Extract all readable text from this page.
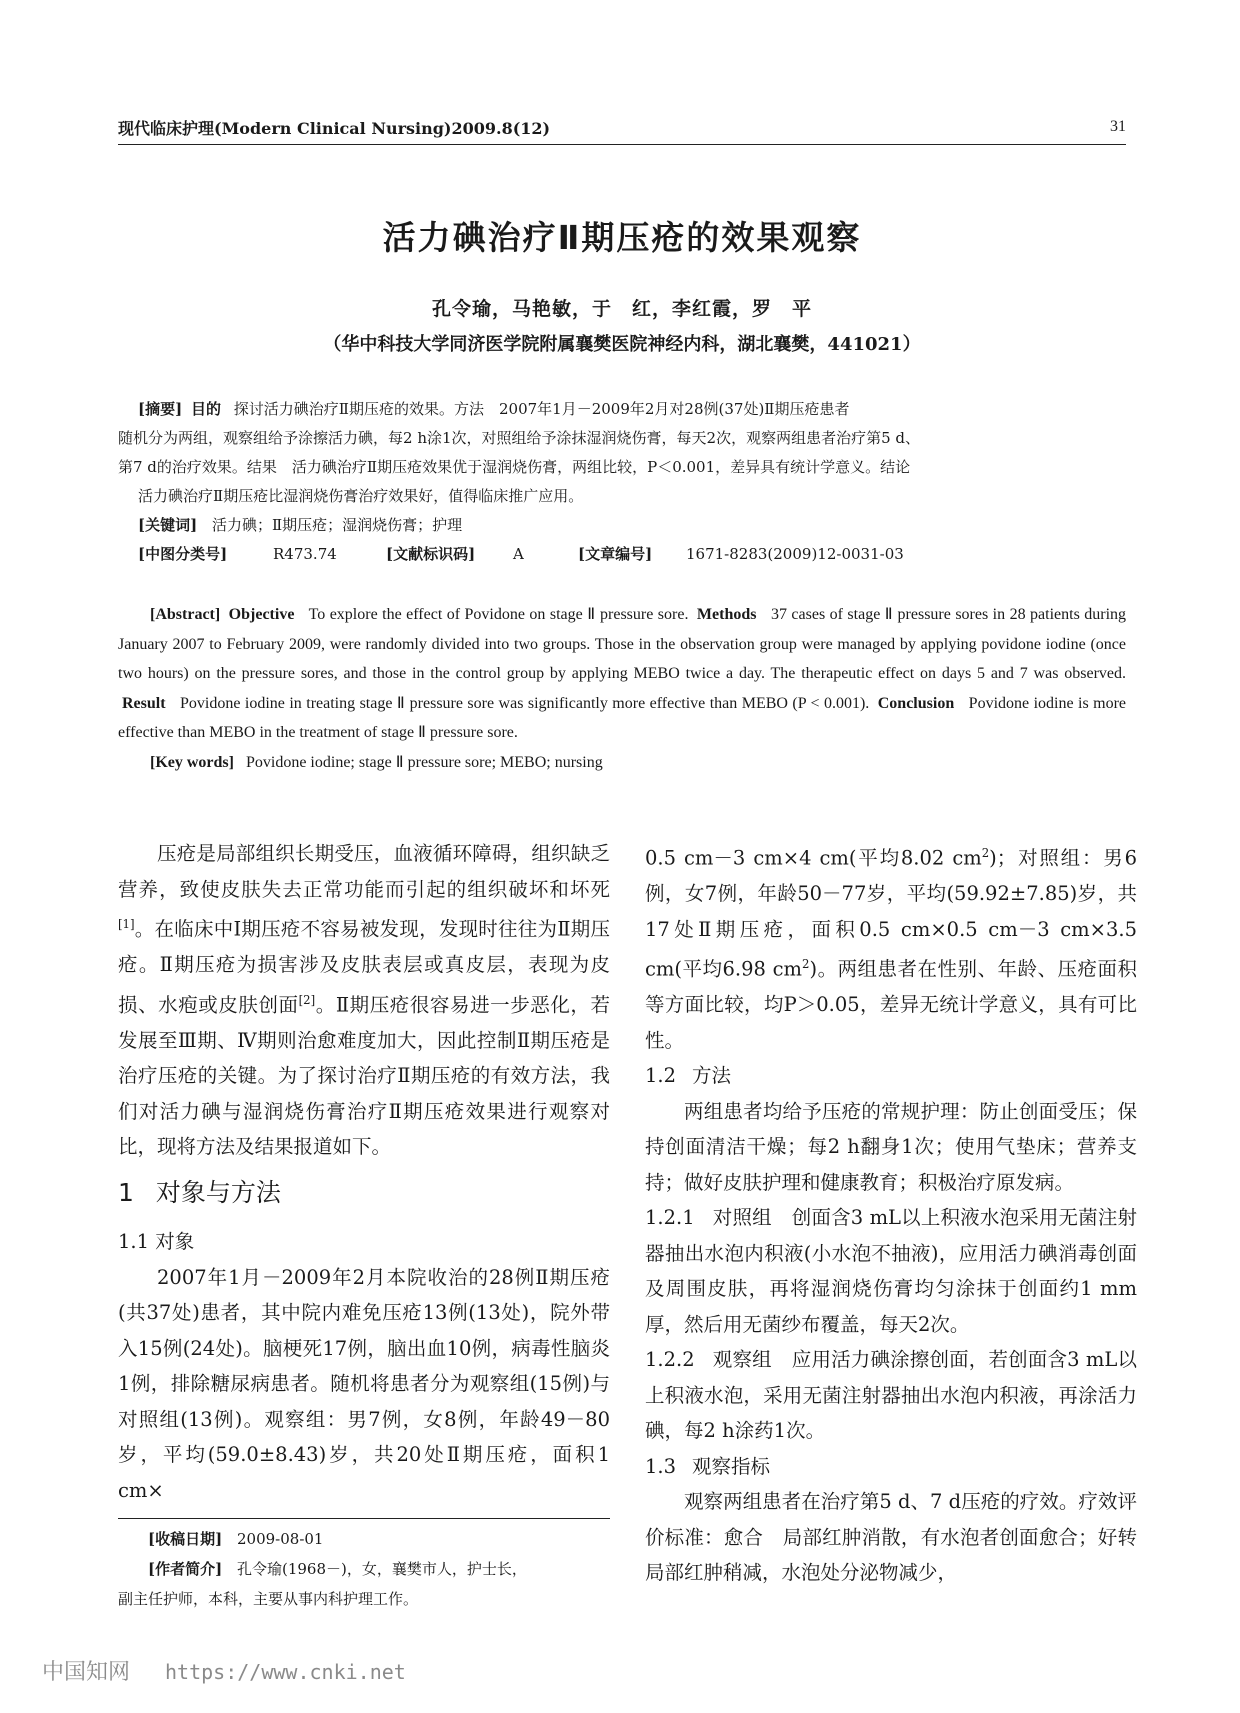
现代临床护理(Modern Clinical Nursing)2009.8(12)	31
活力碘治疗Ⅱ期压疮的效果观察

孔令瑜，马艳敏，于　红，李红霞，罗　平

（华中科技大学同济医学院附属襄樊医院神经内科，湖北襄樊，441021）

[摘要] 目的 探讨活力碘治疗Ⅱ期压疮的效果。方法　2007年1月－2009年2月对28例(37处)Ⅱ期压疮患者

随机分为两组，观察组给予涂擦活力碘，每2 h涂1次，对照组给予涂抹湿润烧伤膏，每天2次，观察两组患者治疗第5 d、

第7 d的治疗效果。结果　活力碘治疗Ⅱ期压疮效果优于湿润烧伤膏，两组比较，P＜0.001，差异具有统计学意义。结论

活力碘治疗Ⅱ期压疮比湿润烧伤膏治疗效果好，值得临床推广应用。

[关键词] 活力碘；Ⅱ期压疮；湿润烧伤膏；护理

[中图分类号]	R473.74	[文献标识码]	A	[文章编号] 1671-8283(2009)12-0031-03

[Abstract] Objective To explore the effect of Povidone on stage Ⅱ pressure sore. Methods 37 cases of stage Ⅱ pressure sores in 28 patients during January 2007 to February 2009, were randomly divided into two groups. Those in the observation group were managed by applying povidone iodine (once two hours) on the pressure sores, and those in the control group by applying MEBO twice a day. The therapeutic effect on days 5 and 7 was observed. Result Povidone iodine in treating stage Ⅱ pressure sore was significantly more effective than MEBO (P < 0.001). Conclusion Povidone iodine is more effective than MEBO in the treatment of stage Ⅱ pressure sore.

[Key words] Povidone iodine; stage Ⅱ pressure sore; MEBO; nursing

压疮是局部组织长期受压，血液循环障碍，组织缺乏营养，致使皮肤失去正常功能而引起的组织破坏和坏死[1]。在临床中Ⅰ期压疮不容易被发现，发现时往往为Ⅱ期压疮。Ⅱ期压疮为损害涉及皮肤表层或真皮层，表现为皮损、水疱或皮肤创面[2]。Ⅱ期压疮很容易进一步恶化，若发展至Ⅲ期、Ⅳ期则治愈难度加大，因此控制Ⅱ期压疮是治疗压疮的关键。为了探讨治疗Ⅱ期压疮的有效方法，我们对活力碘与湿润烧伤膏治疗Ⅱ期压疮效果进行观察对比，现将方法及结果报道如下。

1 对象与方法

1.1 对象

2007年1月－2009年2月本院收治的28例Ⅱ期压疮(共37处)患者，其中院内难免压疮13例(13处)，院外带入15例(24处)。脑梗死17例，脑出血10例，病毒性脑炎1例，排除糖尿病患者。随机将患者分为观察组(15例)与对照组(13例)。观察组：男7例，女8例，年龄49－80岁，平均(59.0±8.43)岁，共20处Ⅱ期压疮，面积1 cm×

0.5 cm－3 cm×4 cm(平均8.02 $cm^2$)；对照组：男6例，女7例，年龄50－77岁，平均(59.92±7.85)岁，共17处Ⅱ期压疮，面积0.5 cm×0.5 cm－3 cm×3.5 cm(平均6.98 $cm^2$)。两组患者在性别、年龄、压疮面积等方面比较，均P＞0.05，差异无统计学意义，具有可比性。

1.2 方法

两组患者均给予压疮的常规护理：防止创面受压；保持创面清洁干燥；每2 h翻身1次；使用气垫床；营养支持；做好皮肤护理和健康教育；积极治疗原发病。

1.2.1 对照组 创面含3 mL以上积液水泡采用无菌注射器抽出水泡内积液(小水泡不抽液)，应用活力碘消毒创面及周围皮肤，再将湿润烧伤膏均匀涂抹于创面约1 mm厚，然后用无菌纱布覆盖，每天2次。

1.2.2 观察组 应用活力碘涂擦创面，若创面含3 mL以上积液水泡，采用无菌注射器抽出水泡内积液，再涂活力碘，每2 h涂药1次。

1.3 观察指标

观察两组患者在治疗第5 d、7 d压疮的疗效。疗效评价标准：愈合　局部红肿消散，有水泡者创面愈合；好转　局部红肿稍减，水泡处分泌物减少，

[收稿日期] 2009-08-01

[作者简介] 孔令瑜(1968－)，女，襄樊市人，护士长，

副主任护师，本科，主要从事内科护理工作。

中国知网 https://www.cnki.net
